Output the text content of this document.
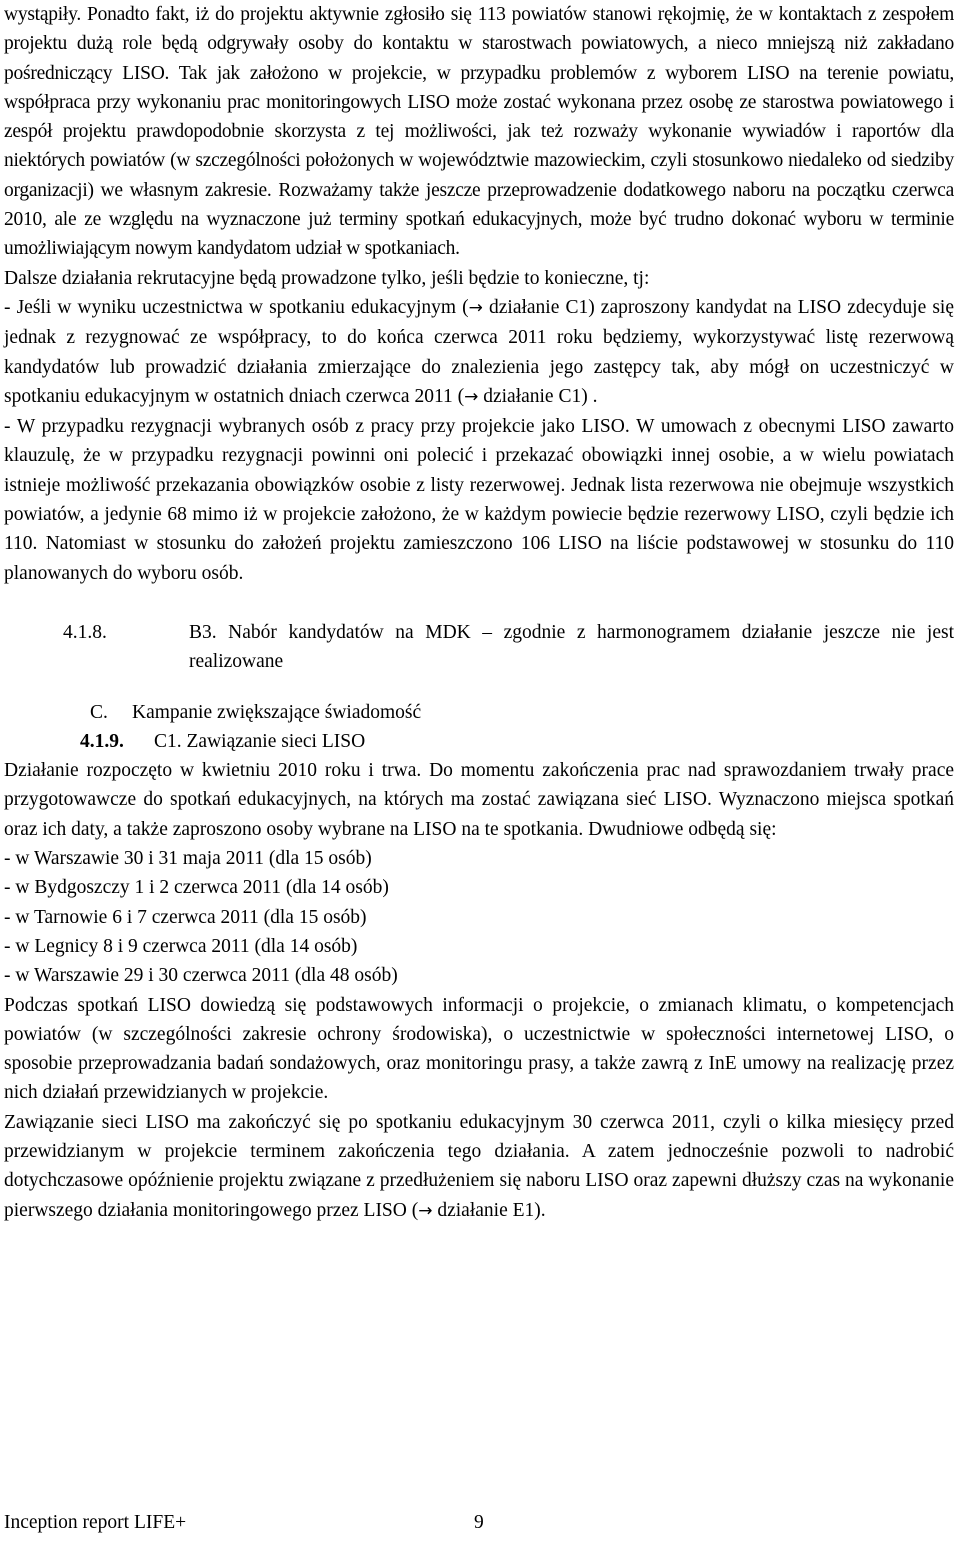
wystąpiły. Ponadto fakt, iż do projektu aktywnie zgłosiło się 113 powiatów stanowi rękojmię, że w kontaktach z zespołem projektu dużą role będą odgrywały osoby do kontaktu w starostwach powiatowych, a nieco mniejszą niż zakładano pośredniczący LISO. Tak jak założono w projekcie, w przypadku problemów z wyborem LISO na terenie powiatu, współpraca przy wykonaniu prac monitoringowych LISO może zostać wykonana przez osobę ze starostwa powiatowego i zespół projektu prawdopodobnie skorzysta z tej możliwości, jak też rozważy wykonanie wywiadów i raportów dla niektórych powiatów (w szczególności położonych w województwie mazowieckim, czyli stosunkowo niedaleko od siedziby organizacji) we własnym zakresie. Rozważamy także jeszcze przeprowadzenie dodatkowego naboru na początku czerwca 2010, ale ze względu na wyznaczone już terminy spotkań edukacyjnych, może być trudno dokonać wyboru w terminie umożliwiającym nowym kandydatom udział w spotkaniach.

Dalsze działania rekrutacyjne będą prowadzone tylko, jeśli będzie to konieczne, tj:

- Jeśli w wyniku uczestnictwa w spotkaniu edukacyjnym (→ działanie C1) zaproszony kandydat na LISO zdecyduje się jednak z rezygnować ze współpracy, to do końca czerwca 2011 roku będziemy, wykorzystywać listę rezerwową kandydatów lub prowadzić działania zmierzające do znalezienia jego zastępcy tak, aby mógł on uczestniczyć w spotkaniu edukacyjnym w ostatnich dniach czerwca 2011 (→ działanie C1) .

- W przypadku rezygnacji wybranych osób z pracy przy projekcie jako LISO. W umowach z obecnymi LISO zawarto klauzulę, że w przypadku rezygnacji powinni oni polecić i przekazać obowiązki innej osobie, a w wielu powiatach istnieje możliwość przekazania obowiązków osobie z listy rezerwowej. Jednak lista rezerwowa nie obejmuje wszystkich powiatów, a jedynie 68 mimo iż w projekcie założono, że w każdym powiecie będzie rezerwowy LISO, czyli będzie ich 110. Natomiast w stosunku do założeń projektu zamieszczono 106 LISO na liście podstawowej w stosunku do 110 planowanych do wyboru osób.

4.1.8.	B3. Nabór kandydatów na MDK – zgodnie z harmonogramem działanie jeszcze nie jest realizowane

C. Kampanie zwiększające świadomość

4.1.9. C1. Zawiązanie sieci LISO

Działanie rozpoczęto w kwietniu 2010 roku i trwa. Do momentu zakończenia prac nad sprawozdaniem trwały prace przygotowawcze do spotkań edukacyjnych, na których ma zostać zawiązana sieć LISO. Wyznaczono miejsca spotkań oraz ich daty, a także zaproszono osoby wybrane na LISO na te spotkania. Dwudniowe odbędą się:

- w Warszawie 30 i 31 maja 2011 (dla 15 osób)

- w Bydgoszczy 1 i 2 czerwca 2011 (dla 14 osób)

- w Tarnowie 6 i 7 czerwca 2011 (dla 15 osób)

- w Legnicy 8 i 9 czerwca 2011 (dla 14 osób)

- w Warszawie 29 i 30 czerwca 2011 (dla 48 osób)

Podczas spotkań LISO dowiedzą się podstawowych informacji o projekcie, o zmianach klimatu, o kompetencjach powiatów (w szczególności zakresie ochrony środowiska), o uczestnictwie w społeczności internetowej LISO, o sposobie przeprowadzania badań sondażowych, oraz monitoringu prasy, a także zawrą z InE umowy na realizację przez nich działań przewidzianych w projekcie.

Zawiązanie sieci LISO ma zakończyć się po spotkaniu edukacyjnym 30 czerwca 2011, czyli o kilka miesięcy przed przewidzianym w projekcie terminem zakończenia tego działania. A zatem jednocześnie pozwoli to nadrobić dotychczasowe opóźnienie projektu związane z przedłużeniem się naboru LISO oraz zapewni dłuższy czas na wykonanie pierwszego działania monitoringowego przez LISO (→ działanie E1).

Inception report LIFE+	9
